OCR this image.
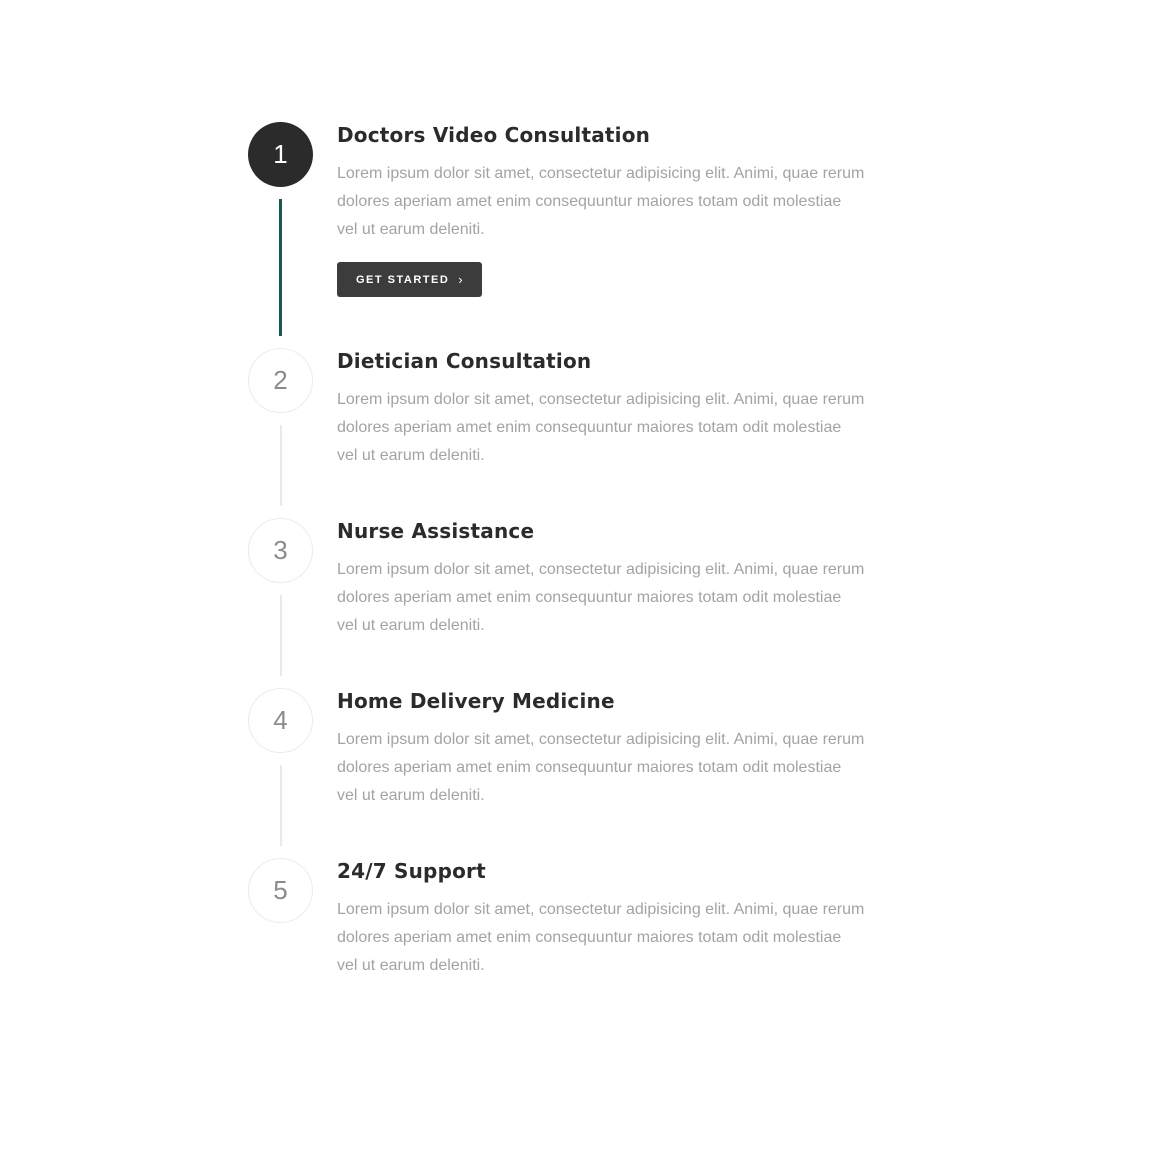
1
Doctors Video Consultation

Lorem ipsum dolor sit amet, consectetur adipisicing elit. Animi, quae rerum
dolores aperiam amet enim consequuntur maiores totam odit molestiae
vel ut earum deleniti.

GET STARTED ›
2
Dietician Consultation

Lorem ipsum dolor sit amet, consectetur adipisicing elit. Animi, quae rerum
dolores aperiam amet enim consequuntur maiores totam odit molestiae
vel ut earum deleniti.

3
Nurse Assistance

Lorem ipsum dolor sit amet, consectetur adipisicing elit. Animi, quae rerum
dolores aperiam amet enim consequuntur maiores totam odit molestiae
vel ut earum deleniti.

4
Home Delivery Medicine

Lorem ipsum dolor sit amet, consectetur adipisicing elit. Animi, quae rerum
dolores aperiam amet enim consequuntur maiores totam odit molestiae
vel ut earum deleniti.

5
24/7 Support

Lorem ipsum dolor sit amet, consectetur adipisicing elit. Animi, quae rerum
dolores aperiam amet enim consequuntur maiores totam odit molestiae
vel ut earum deleniti.
